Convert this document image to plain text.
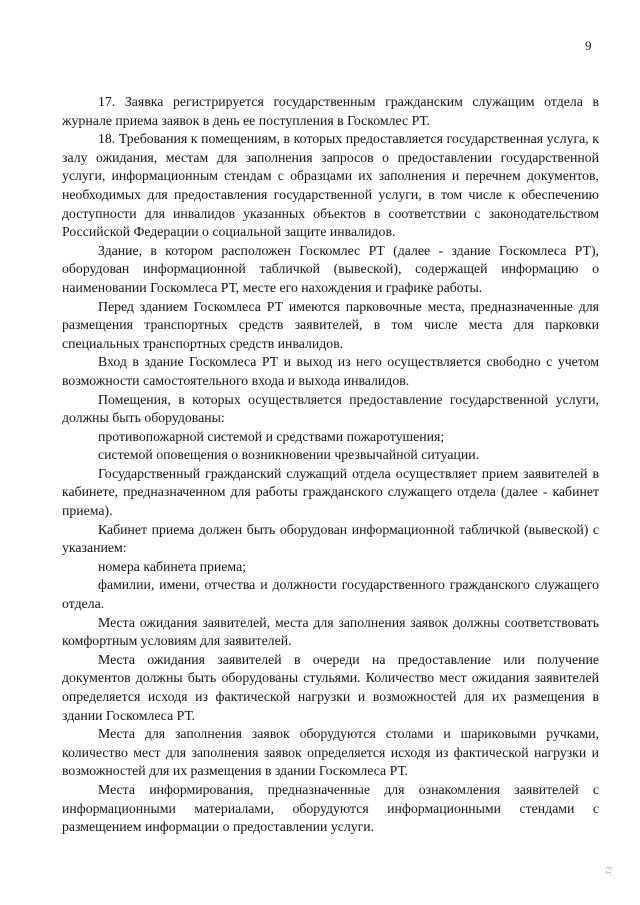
9

17. Заявка регистрируется государственным гражданским служащим отдела в журнале приема заявок в день ее поступления в Госкомлес РТ.

18. Требования к помещениям, в которых предоставляется государственная услуга, к залу ожидания, местам для заполнения запросов о предоставлении государственной услуги, информационным стендам с образцами их заполнения и перечнем документов, необходимых для предоставления государственной услуги, в том числе к обеспечению доступности для инвалидов указанных объектов в соответствии с законодательством Российской Федерации о социальной защите инвалидов.

Здание, в котором расположен Госкомлес РТ (далее - здание Госкомлеса РТ), оборудован информационной табличкой (вывеской), содержащей информацию о наименовании Госкомлеса РТ, месте его нахождения и графике работы.

Перед зданием Госкомлеса РТ имеются парковочные места, предназначенные для размещения транспортных средств заявителей, в том числе места для парковки специальных транспортных средств инвалидов.

Вход в здание Госкомлеса РТ и выход из него осуществляется свободно с учетом возможности самостоятельного входа и выхода инвалидов.

Помещения, в которых осуществляется предоставление государственной услуги, должны быть оборудованы:

противопожарной системой и средствами пожаротушения;

системой оповещения о возникновении чрезвычайной ситуации.

Государственный гражданский служащий отдела осуществляет прием заявителей в кабинете, предназначенном для работы гражданского служащего отдела (далее - кабинет приема).

Кабинет приема должен быть оборудован информационной табличкой (вывеской) с указанием:

номера кабинета приема;

фамилии, имени, отчества и должности государственного гражданского служащего отдела.

Места ожидания заявителей, места для заполнения заявок должны соответствовать комфортным условиям для заявителей.

Места ожидания заявителей в очереди на предоставление или получение документов должны быть оборудованы стульями. Количество мест ожидания заявителей определяется исходя из фактической нагрузки и возможностей для их размещения в здании Госкомлеса РТ.

Места для заполнения заявок оборудуются столами и шариковыми ручками, количество мест для заполнения заявок определяется исходя из фактической нагрузки и возможностей для их размещения в здании Госкомлеса РТ.

Места информирования, предназначенные для ознакомления заявителей с информационными материалами, оборудуются информационными стендами с размещением информации о предоставлении услуги.

ЗЗ
